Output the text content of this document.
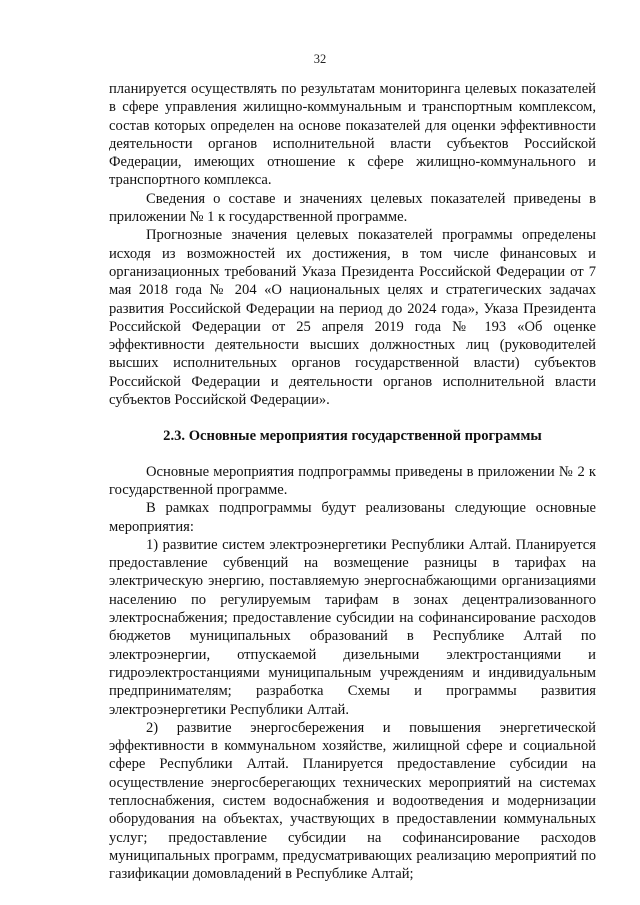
32

планируется осуществлять по результатам мониторинга целевых показателей в сфере управления жилищно-коммунальным и транспортным комплексом, состав которых определен на основе показателей для оценки эффективности деятельности органов исполнительной власти субъектов Российской Федерации, имеющих отношение к сфере жилищно-коммунального и транспортного комплекса.

Сведения о составе и значениях целевых показателей приведены в приложении № 1 к государственной программе.

Прогнозные значения целевых показателей программы определены исходя из возможностей их достижения, в том числе финансовых и организационных требований Указа Президента Российской Федерации от 7 мая 2018 года № 204 «О национальных целях и стратегических задачах развития Российской Федерации на период до 2024 года», Указа Президента Российской Федерации от 25 апреля 2019 года № 193 «Об оценке эффективности деятельности высших должностных лиц (руководителей высших исполнительных органов государственной власти) субъектов Российской Федерации и деятельности органов исполнительной власти субъектов Российской Федерации».

2.3. Основные мероприятия государственной программы

Основные мероприятия подпрограммы приведены в приложении № 2 к государственной программе.

В рамках подпрограммы будут реализованы следующие основные мероприятия:

1) развитие систем электроэнергетики Республики Алтай. Планируется предоставление субвенций на возмещение разницы в тарифах на электрическую энергию, поставляемую энергоснабжающими организациями населению по регулируемым тарифам в зонах децентрализованного электроснабжения; предоставление субсидии на софинансирование расходов бюджетов муниципальных образований в Республике Алтай по электроэнергии, отпускаемой дизельными электростанциями и гидроэлектростанциями муниципальным учреждениям и индивидуальным предпринимателям; разработка Схемы и программы развития электроэнергетики Республики Алтай.

2) развитие энергосбережения и повышения энергетической эффективности в коммунальном хозяйстве, жилищной сфере и социальной сфере Республики Алтай. Планируется предоставление субсидии на осуществление энергосберегающих технических мероприятий на системах теплоснабжения, систем водоснабжения и водоотведения и модернизации оборудования на объектах, участвующих в предоставлении коммунальных услуг; предоставление субсидии на софинансирование расходов муниципальных программ, предусматривающих реализацию мероприятий по газификации домовладений в Республике Алтай;
